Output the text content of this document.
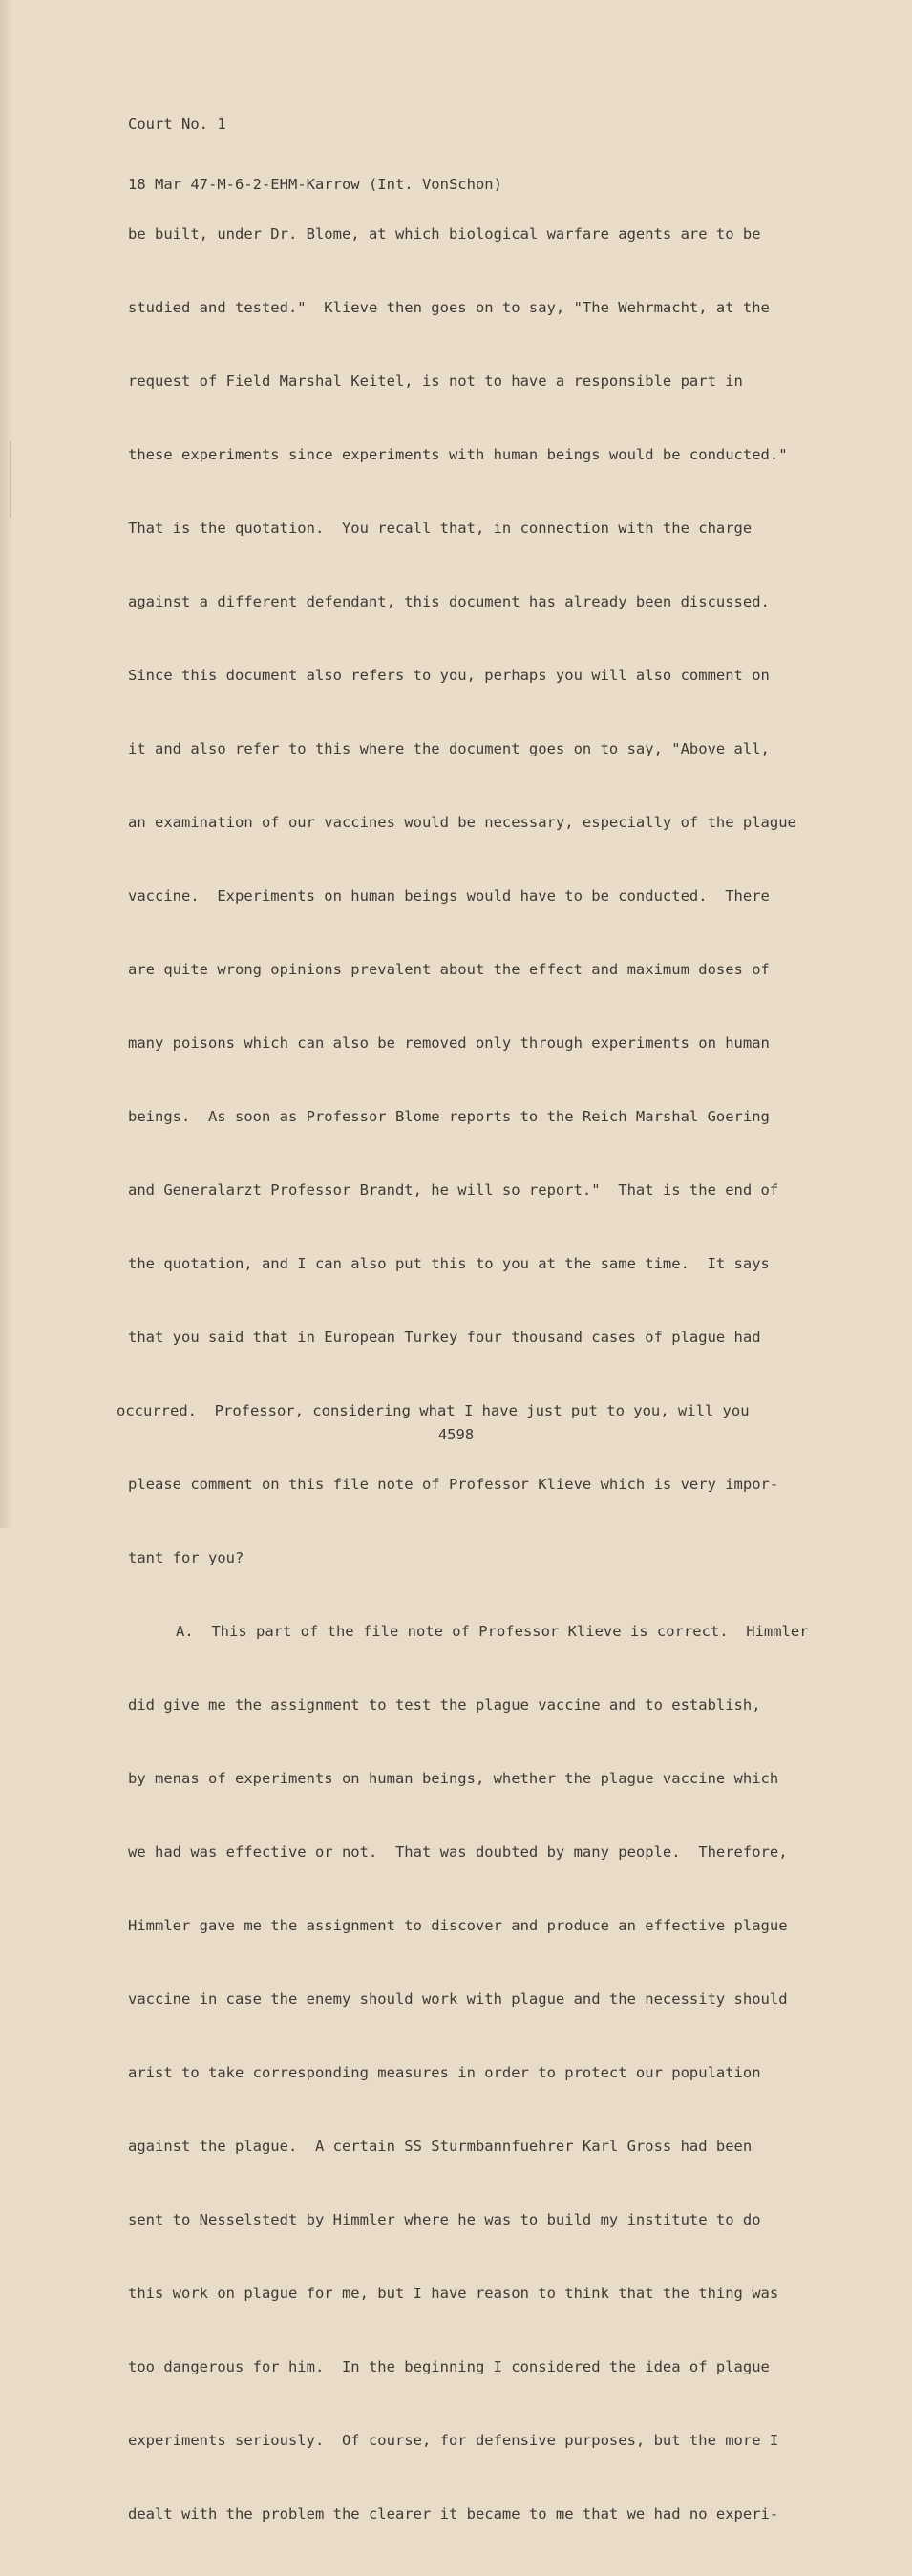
Court No. 1

18 Mar 47-M-6-2-EHM-Karrow (Int. VonSchon)

be built, under Dr. Blome, at which biological warfare agents are to be

studied and tested."  Klieve then goes on to say, "The Wehrmacht, at the

request of Field Marshal Keitel, is not to have a responsible part in

these experiments since experiments with human beings would be conducted."

That is the quotation.  You recall that, in connection with the charge

against a different defendant, this document has already been discussed.

Since this document also refers to you, perhaps you will also comment on

it and also refer to this where the document goes on to say, "Above all,

an examination of our vaccines would be necessary, especially of the plague

vaccine.  Experiments on human beings would have to be conducted.  There

are quite wrong opinions prevalent about the effect and maximum doses of

many poisons which can also be removed only through experiments on human

beings.  As soon as Professor Blome reports to the Reich Marshal Goering

and Generalarzt Professor Brandt, he will so report."  That is the end of

the quotation, and I can also put this to you at the same time.  It says

that you said that in European Turkey four thousand cases of plague had

occurred.  Professor, considering what I have just put to you, will you

please comment on this file note of Professor Klieve which is very impor-

tant for you?

A.  This part of the file note of Professor Klieve is correct.  Himmler

did give me the assignment to test the plague vaccine and to establish,

by menas of experiments on human beings, whether the plague vaccine which

we had was effective or not.  That was doubted by many people.  Therefore,

Himmler gave me the assignment to discover and produce an effective plague

vaccine in case the enemy should work with plague and the necessity should

arist to take corresponding measures in order to protect our population

against the plague.  A certain SS Sturmbannfuehrer Karl Gross had been

sent to Nesselstedt by Himmler where he was to build my institute to do

this work on plague for me, but I have reason to think that the thing was

too dangerous for him.  In the beginning I considered the idea of plague

experiments seriously.  Of course, for defensive purposes, but the more I

dealt with the problem the clearer it became to me that we had no experi-

4598
